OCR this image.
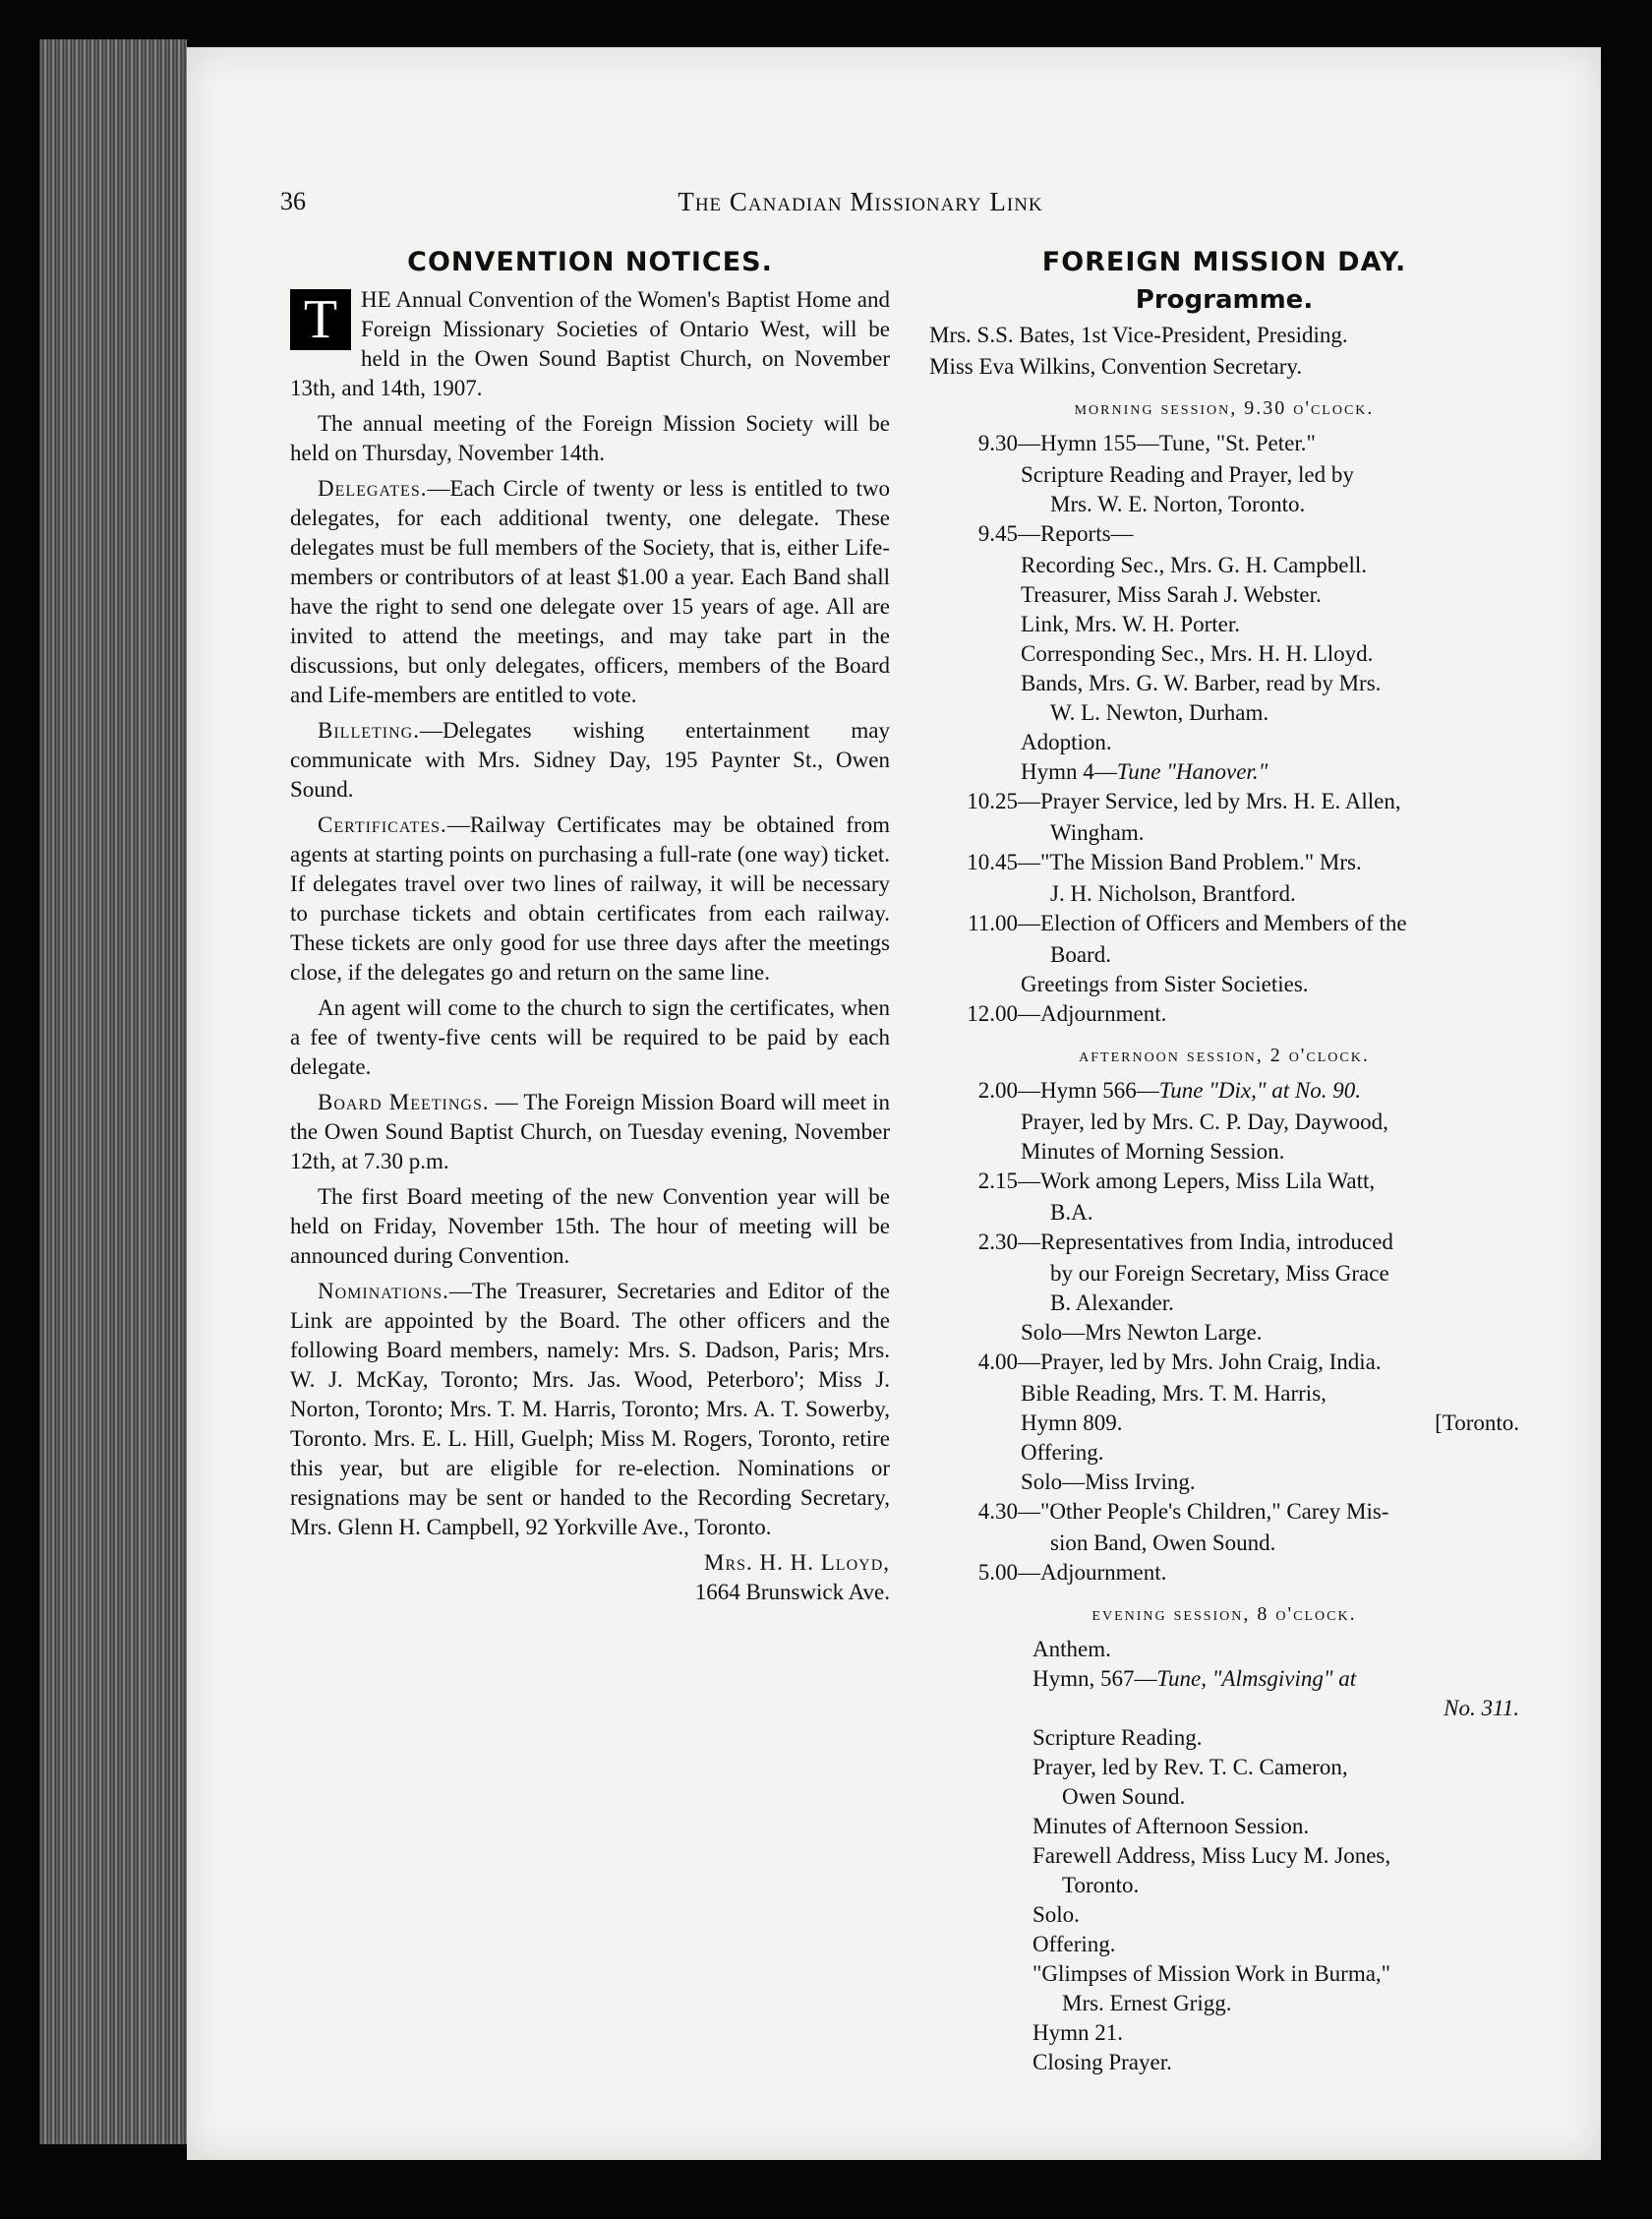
36	The Canadian Missionary Link
CONVENTION NOTICES.

T	HE Annual Convention of the Women's Baptist Home and Foreign Missionary Societies of Ontario West, will be held in the Owen Sound Baptist Church, on November 13th, and 14th, 1907.

The annual meeting of the Foreign Mission Society will be held on Thursday, November 14th.

Delegates.—Each Circle of twenty or less is entitled to two delegates, for each additional twenty, one delegate. These delegates must be full members of the Society, that is, either Life-members or contributors of at least $1.00 a year. Each Band shall have the right to send one delegate over 15 years of age. All are invited to attend the meetings, and may take part in the discussions, but only delegates, officers, members of the Board and Life-members are entitled to vote.

Billeting.—Delegates wishing entertainment may communicate with Mrs. Sidney Day, 195 Paynter St., Owen Sound.

Certificates.—Railway Certificates may be obtained from agents at starting points on purchasing a full-rate (one way) ticket. If delegates travel over two lines of railway, it will be necessary to purchase tickets and obtain certificates from each railway. These tickets are only good for use three days after the meetings close, if the delegates go and return on the same line.

An agent will come to the church to sign the certificates, when a fee of twenty-five cents will be required to be paid by each delegate.

Board Meetings. — The Foreign Mission Board will meet in the Owen Sound Baptist Church, on Tuesday evening, November 12th, at 7.30 p.m.

The first Board meeting of the new Convention year will be held on Friday, November 15th. The hour of meeting will be announced during Convention.

Nominations.—The Treasurer, Secretaries and Editor of the Link are appointed by the Board. The other officers and the following Board members, namely: Mrs. S. Dadson, Paris; Mrs. W. J. McKay, Toronto; Mrs. Jas. Wood, Peterboro'; Miss J. Norton, Toronto; Mrs. T. M. Harris, Toronto; Mrs. A. T. Sowerby, Toronto. Mrs. E. L. Hill, Guelph; Miss M. Rogers, Toronto, retire this year, but are eligible for re-election. Nominations or resignations may be sent or handed to the Recording Secretary, Mrs. Glenn H. Campbell, 92 Yorkville Ave., Toronto.

Mrs. H. H. Lloyd,
1664 Brunswick Ave.
FOREIGN MISSION DAY.
Programme.
Mrs. S.S. Bates, 1st Vice-President, Presiding.
Miss Eva Wilkins, Convention Secretary.
morning session, 9.30 o'clock.
9.30 — Hymn 155—Tune, "St. Peter."
Scripture Reading and Prayer, led by
Mrs. W. E. Norton, Toronto.
9.45 — Reports—
Recording Sec., Mrs. G. H. Campbell.
Treasurer, Miss Sarah J. Webster.
Link, Mrs. W. H. Porter.
Corresponding Sec., Mrs. H. H. Lloyd.
Bands, Mrs. G. W. Barber, read by Mrs.
W. L. Newton, Durham.
Adoption.
Hymn 4—Tune "Hanover."
10.25 — Prayer Service, led by Mrs. H. E. Allen,
Wingham.
10.45 — "The Mission Band Problem." Mrs.
J. H. Nicholson, Brantford.
11.00 — Election of Officers and Members of the
Board.
Greetings from Sister Societies.
12.00 — Adjournment.
afternoon session, 2 o'clock.
2.00 — Hymn 566—Tune "Dix," at No. 90.
Prayer, led by Mrs. C. P. Day, Daywood,
Minutes of Morning Session.
2.15 — Work among Lepers, Miss Lila Watt,
B.A.
2.30 — Representatives from India, introduced
by our Foreign Secretary, Miss Grace
B. Alexander.
Solo—Mrs Newton Large.
4.00 — Prayer, led by Mrs. John Craig, India.
Bible Reading, Mrs. T. M. Harris,
Hymn 809.	[Toronto.
Offering.
Solo—Miss Irving.
4.30 — "Other People's Children," Carey Mis-
sion Band, Owen Sound.
5.00 — Adjournment.
evening session, 8 o'clock.
Anthem.
Hymn, 567—Tune, "Almsgiving" at
No. 311.
Scripture Reading.
Prayer, led by Rev. T. C. Cameron,
Owen Sound.
Minutes of Afternoon Session.
Farewell Address, Miss Lucy M. Jones,
Toronto.
Solo.
Offering.
"Glimpses of Mission Work in Burma,"
Mrs. Ernest Grigg.
Hymn 21.
Closing Prayer.
